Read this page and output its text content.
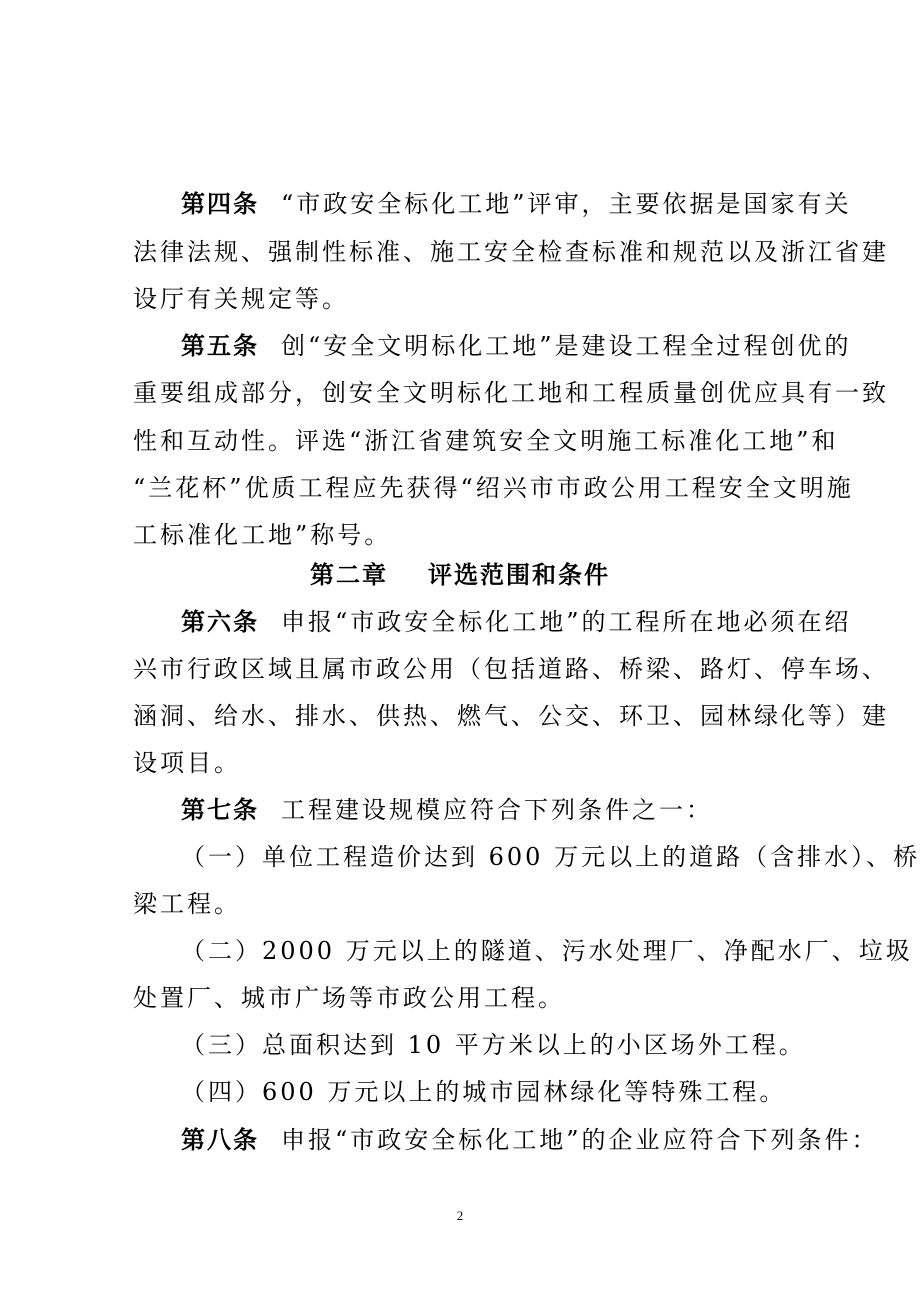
第四条 “市政安全标化工地”评审，主要依据是国家有关
法律法规、强制性标准、施工安全检查标准和规范以及浙江省建
设厅有关规定等。
第五条 创“安全文明标化工地”是建设工程全过程创优的
重要组成部分，创安全文明标化工地和工程质量创优应具有一致
性和互动性。评选“浙江省建筑安全文明施工标准化工地”和
“兰花杯”优质工程应先获得“绍兴市市政公用工程安全文明施
工标准化工地”称号。
第二章 评选范围和条件
第六条 申报“市政安全标化工地”的工程所在地必须在绍
兴市行政区域且属市政公用（包括道路、桥梁、路灯、停车场、
涵洞、给水、排水、供热、燃气、公交、环卫、园林绿化等）建
设项目。
第七条 工程建设规模应符合下列条件之一：
（一）单位工程造价达到 600 万元以上的道路（含排水）、桥
梁工程。
（二）2000 万元以上的隧道、污水处理厂、净配水厂、垃圾
处置厂、城市广场等市政公用工程。
（三）总面积达到 10 平方米以上的小区场外工程。
（四）600 万元以上的城市园林绿化等特殊工程。
第八条 申报“市政安全标化工地”的企业应符合下列条件：
2
